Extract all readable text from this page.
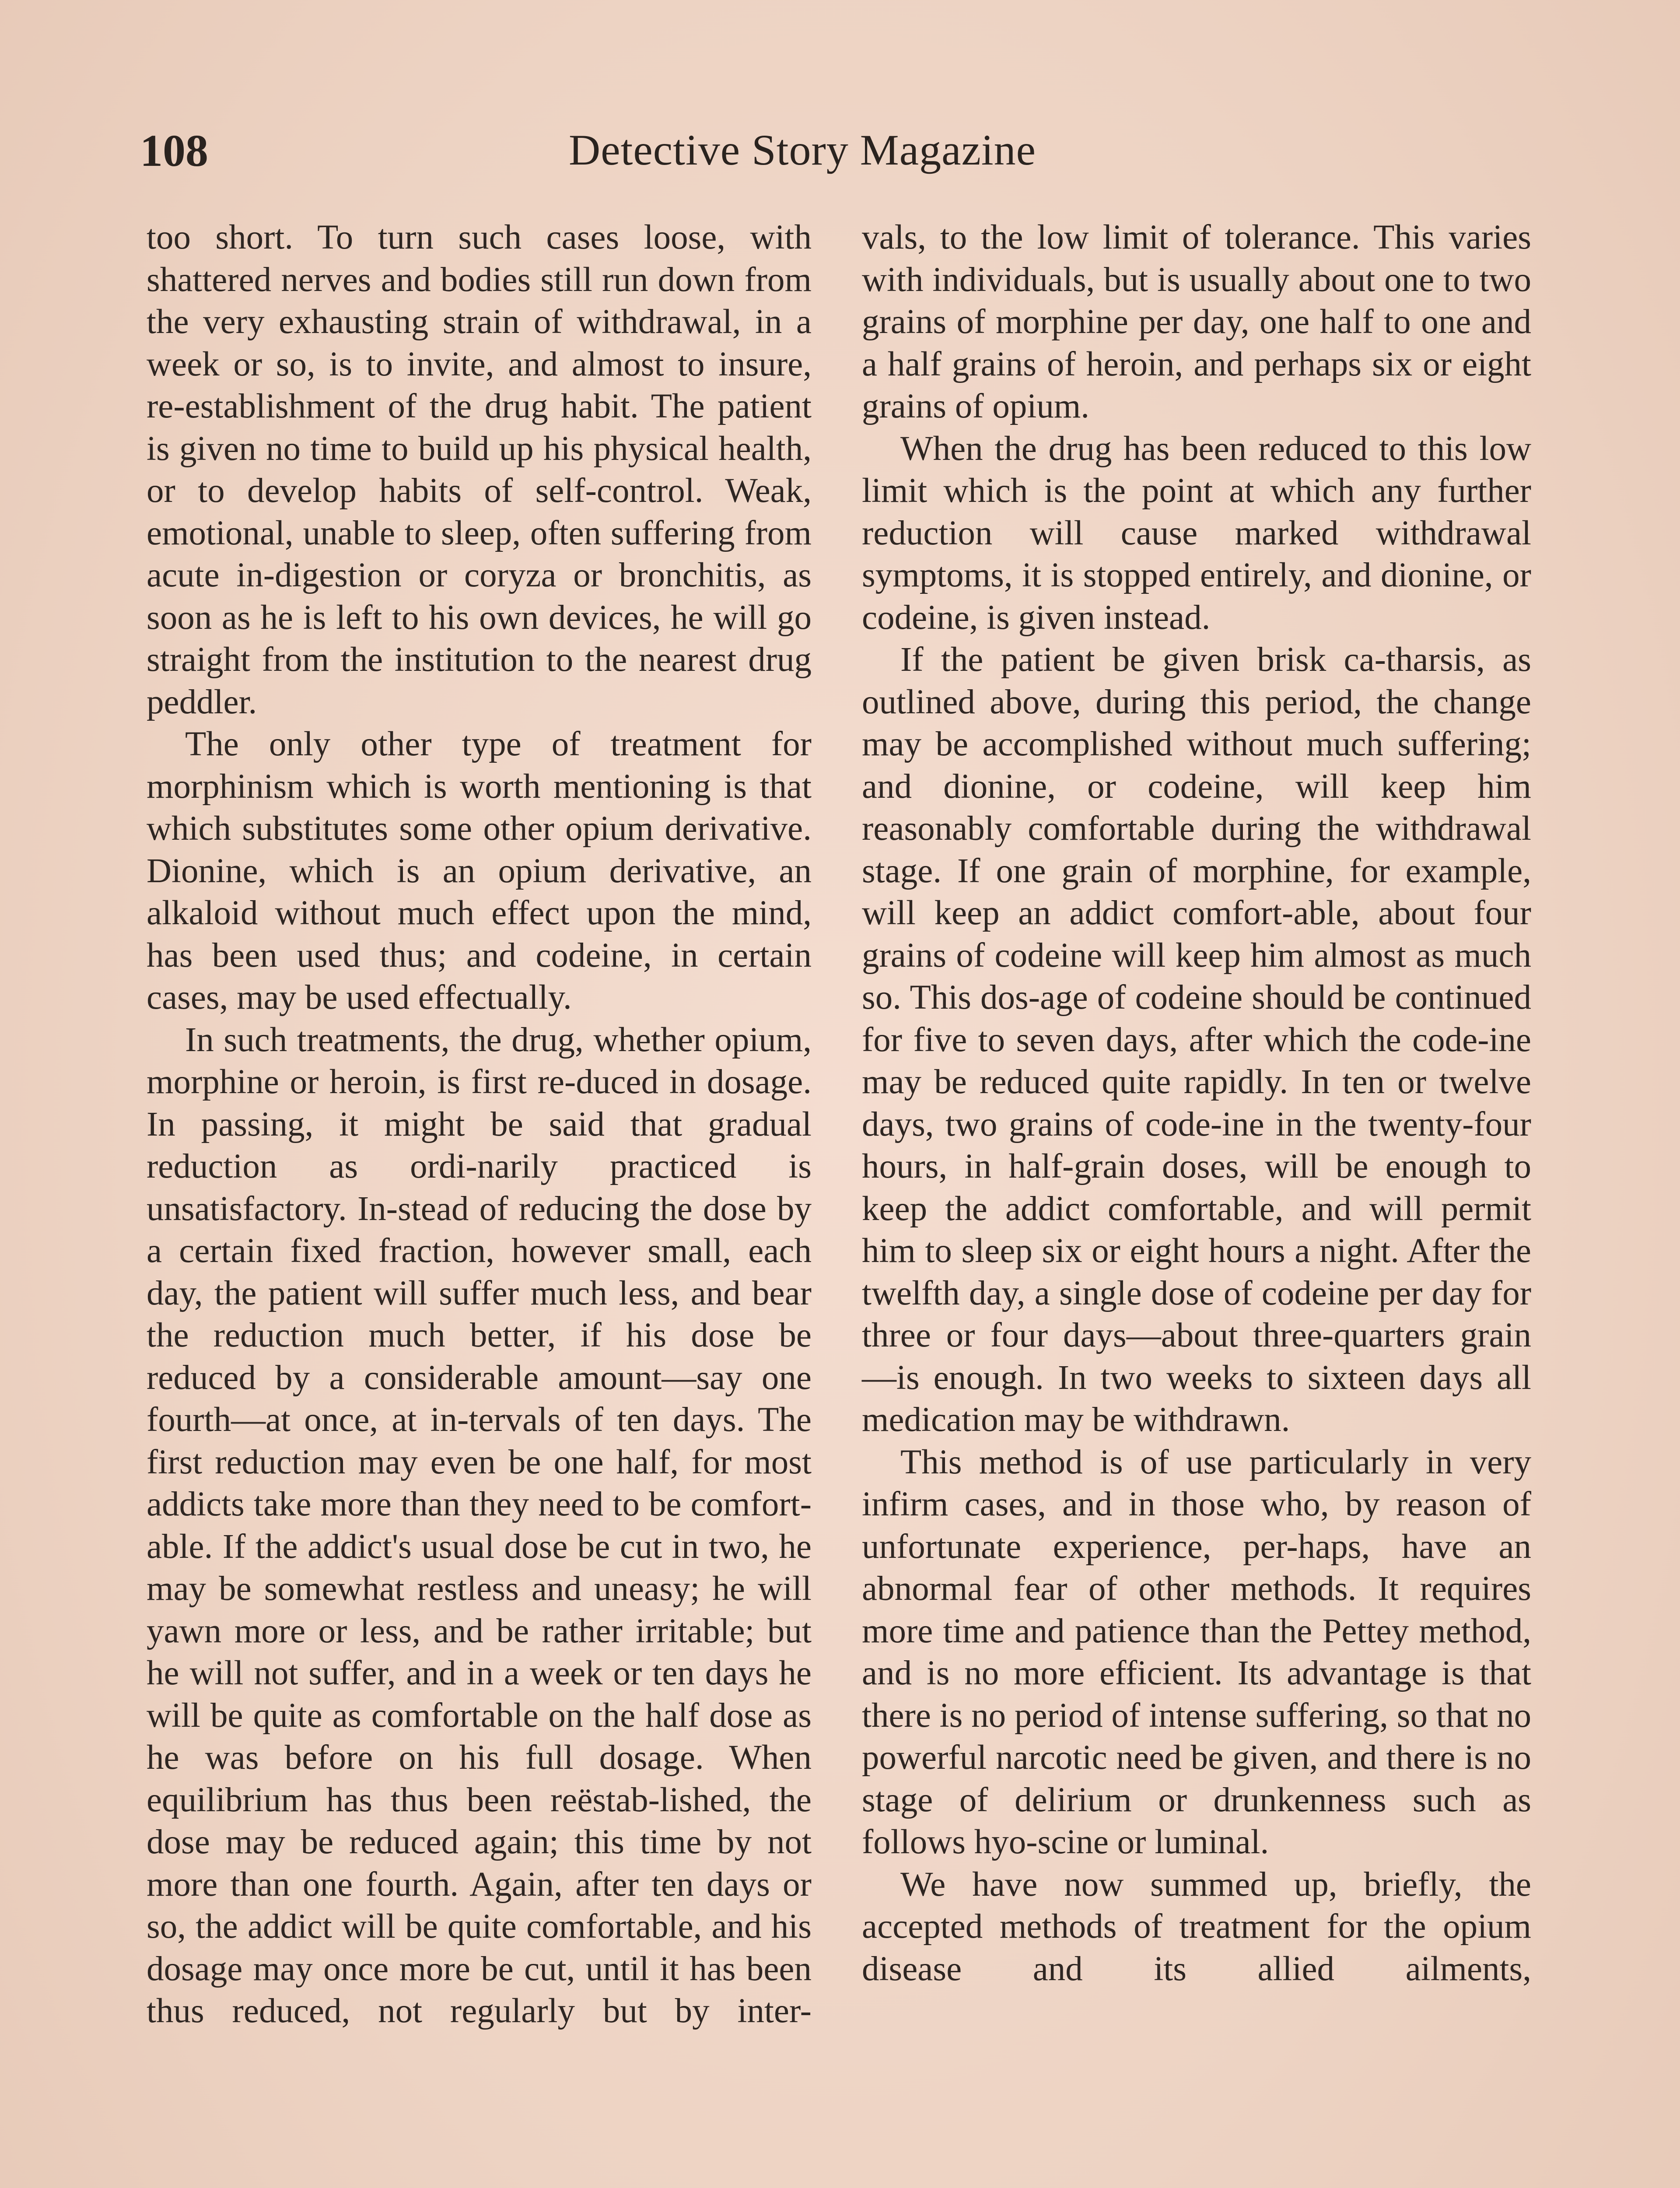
108	Detective Story Magazine

too short. To turn such cases loose, with shattered nerves and bodies still run down from the very exhausting strain of withdrawal, in a week or so, is to invite, and almost to insure, re-establishment of the drug habit. The patient is given no time to build up his physical health, or to develop habits of self-control. Weak, emotional, unable to sleep, often suffering from acute in-digestion or coryza or bronchitis, as soon as he is left to his own devices, he will go straight from the institution to the nearest drug peddler.

The only other type of treatment for morphinism which is worth mentioning is that which substitutes some other opium derivative. Dionine, which is an opium derivative, an alkaloid without much effect upon the mind, has been used thus; and codeine, in certain cases, may be used effectually.

In such treatments, the drug, whether opium, morphine or heroin, is first re-duced in dosage. In passing, it might be said that gradual reduction as ordi-narily practiced is unsatisfactory. In-stead of reducing the dose by a certain fixed fraction, however small, each day, the patient will suffer much less, and bear the reduction much better, if his dose be reduced by a considerable amount—say one fourth—at once, at in-tervals of ten days. The first reduction may even be one half, for most addicts take more than they need to be comfort-able. If the addict's usual dose be cut in two, he may be somewhat restless and uneasy; he will yawn more or less, and be rather irritable; but he will not suffer, and in a week or ten days he will be quite as comfortable on the half dose as he was before on his full dosage. When equilibrium has thus been reëstab-lished, the dose may be reduced again; this time by not more than one fourth. Again, after ten days or so, the addict will be quite comfortable, and his dosage may once more be cut, until it has been thus reduced, not regularly but by inter-

vals, to the low limit of tolerance. This varies with individuals, but is usually about one to two grains of morphine per day, one half to one and a half grains of heroin, and perhaps six or eight grains of opium.

When the drug has been reduced to this low limit which is the point at which any further reduction will cause marked withdrawal symptoms, it is stopped entirely, and dionine, or codeine, is given instead.

If the patient be given brisk ca-tharsis, as outlined above, during this period, the change may be accomplished without much suffering; and dionine, or codeine, will keep him reasonably comfortable during the withdrawal stage. If one grain of morphine, for example, will keep an addict comfort-able, about four grains of codeine will keep him almost as much so. This dos-age of codeine should be continued for five to seven days, after which the code-ine may be reduced quite rapidly. In ten or twelve days, two grains of code-ine in the twenty-four hours, in half-grain doses, will be enough to keep the addict comfortable, and will permit him to sleep six or eight hours a night. After the twelfth day, a single dose of codeine per day for three or four days—about three-quarters grain—is enough. In two weeks to sixteen days all medication may be withdrawn.

This method is of use particularly in very infirm cases, and in those who, by reason of unfortunate experience, per-haps, have an abnormal fear of other methods. It requires more time and patience than the Pettey method, and is no more efficient. Its advantage is that there is no period of intense suffering, so that no powerful narcotic need be given, and there is no stage of delirium or drunkenness such as follows hyo-scine or luminal.

We have now summed up, briefly, the accepted methods of treatment for the opium disease and its allied ailments,
